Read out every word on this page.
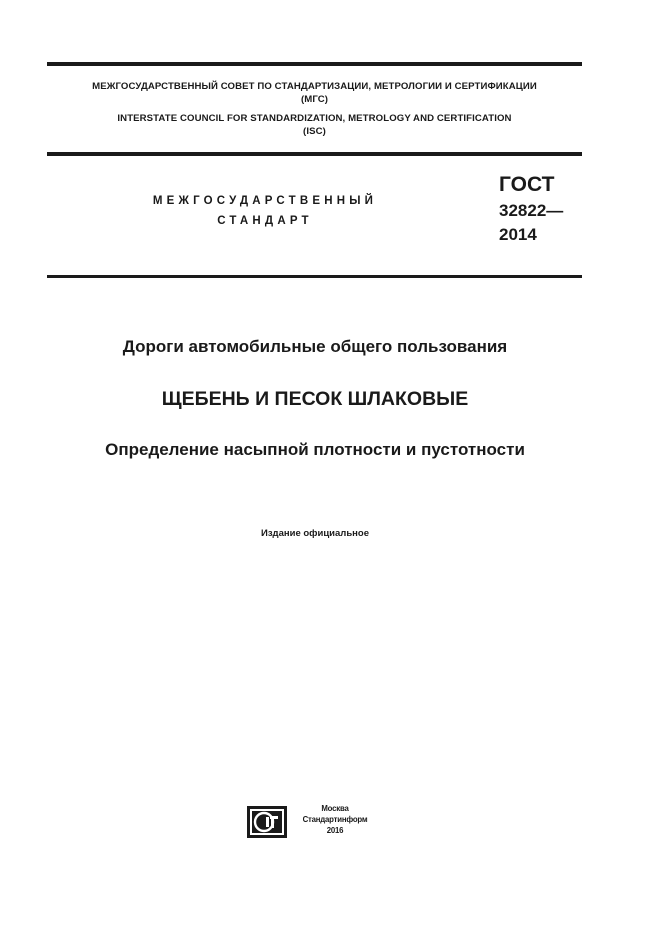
МЕЖГОСУДАРСТВЕННЫЙ СОВЕТ ПО СТАНДАРТИЗАЦИИ, МЕТРОЛОГИИ И СЕРТИФИКАЦИИ
(МГС)
INTERSTATE COUNCIL FOR STANDARDIZATION, METROLOGY AND CERTIFICATION
(ISC)
МЕЖГОСУДАРСТВЕННЫЙ
СТАНДАРТ
ГОСТ
32822—
2014
Дороги автомобильные общего пользования
ЩЕБЕНЬ И ПЕСОК ШЛАКОВЫЕ
Определение насыпной плотности и пустотности
Издание официальное
Москва
Стандартинформ
2016
